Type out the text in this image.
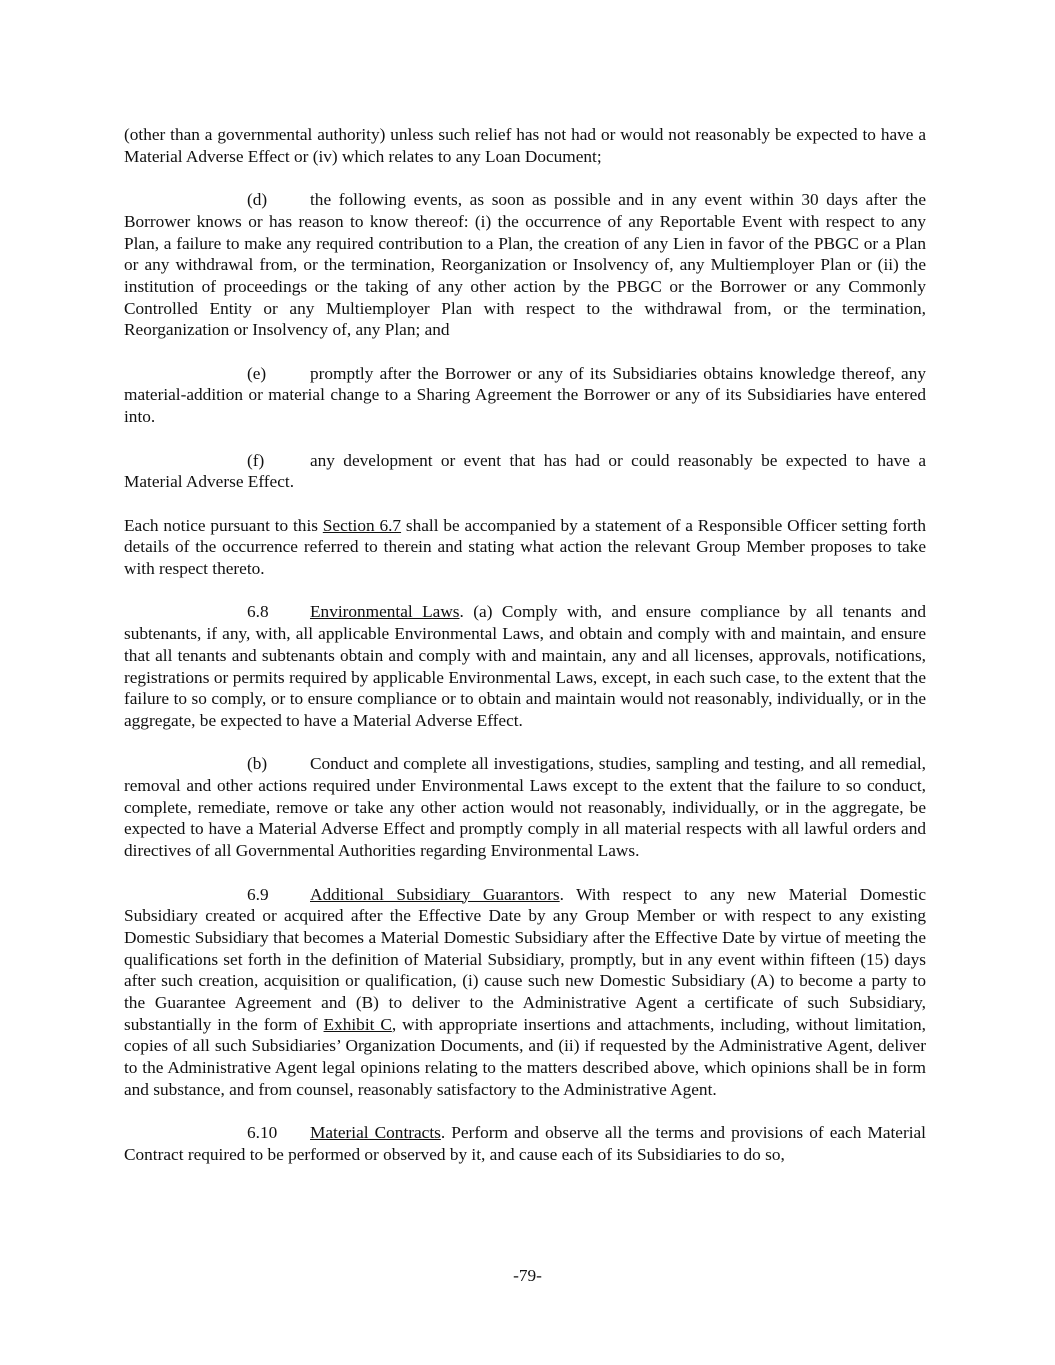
(other than a governmental authority) unless such relief has not had or would not reasonably be expected to have a Material Adverse Effect or (iv) which relates to any Loan Document;

(d) the following events, as soon as possible and in any event within 30 days after the Borrower knows or has reason to know thereof: (i) the occurrence of any Reportable Event with respect to any Plan, a failure to make any required contribution to a Plan, the creation of any Lien in favor of the PBGC or a Plan or any withdrawal from, or the termination, Reorganization or Insolvency of, any Multiemployer Plan or (ii) the institution of proceedings or the taking of any other action by the PBGC or the Borrower or any Commonly Controlled Entity or any Multiemployer Plan with respect to the withdrawal from, or the termination, Reorganization or Insolvency of, any Plan; and

(e)	promptly after the Borrower or any of its Subsidiaries obtains knowledge thereof, any material-addition or material change to a Sharing Agreement the Borrower or any of its Subsidiaries have entered into.

(f)	any development or event that has had or could reasonably be expected to have a Material Adverse Effect.

Each notice pursuant to this Section 6.7 shall be accompanied by a statement of a Responsible Officer setting forth details of the occurrence referred to therein and stating what action the relevant Group Member proposes to take with respect thereto.

6.8 Environmental Laws. (a) Comply with, and ensure compliance by all tenants and subtenants, if any, with, all applicable Environmental Laws, and obtain and comply with and maintain, and ensure that all tenants and subtenants obtain and comply with and maintain, any and all licenses, approvals, notifications, registrations or permits required by applicable Environmental Laws, except, in each such case, to the extent that the failure to so comply, or to ensure compliance or to obtain and maintain would not reasonably, individually, or in the aggregate, be expected to have a Material Adverse Effect.

(b) Conduct and complete all investigations, studies, sampling and testing, and all remedial, removal and other actions required under Environmental Laws except to the extent that the failure to so conduct, complete, remediate, remove or take any other action would not reasonably, individually, or in the aggregate, be expected to have a Material Adverse Effect and promptly comply in all material respects with all lawful orders and directives of all Governmental Authorities regarding Environmental Laws.

6.9 Additional Subsidiary Guarantors. With respect to any new Material Domestic Subsidiary created or acquired after the Effective Date by any Group Member or with respect to any existing Domestic Subsidiary that becomes a Material Domestic Subsidiary after the Effective Date by virtue of meeting the qualifications set forth in the definition of Material Subsidiary, promptly, but in any event within fifteen (15) days after such creation, acquisition or qualification, (i) cause such new Domestic Subsidiary (A) to become a party to the Guarantee Agreement and (B) to deliver to the Administrative Agent a certificate of such Subsidiary, substantially in the form of Exhibit C, with appropriate insertions and attachments, including, without limitation, copies of all such Subsidiaries’ Organization Documents, and (ii) if requested by the Administrative Agent, deliver to the Administrative Agent legal opinions relating to the matters described above, which opinions shall be in form and substance, and from counsel, reasonably satisfactory to the Administrative Agent.

6.10 Material Contracts. Perform and observe all the terms and provisions of each Material Contract required to be performed or observed by it, and cause each of its Subsidiaries to do so,

-79-
